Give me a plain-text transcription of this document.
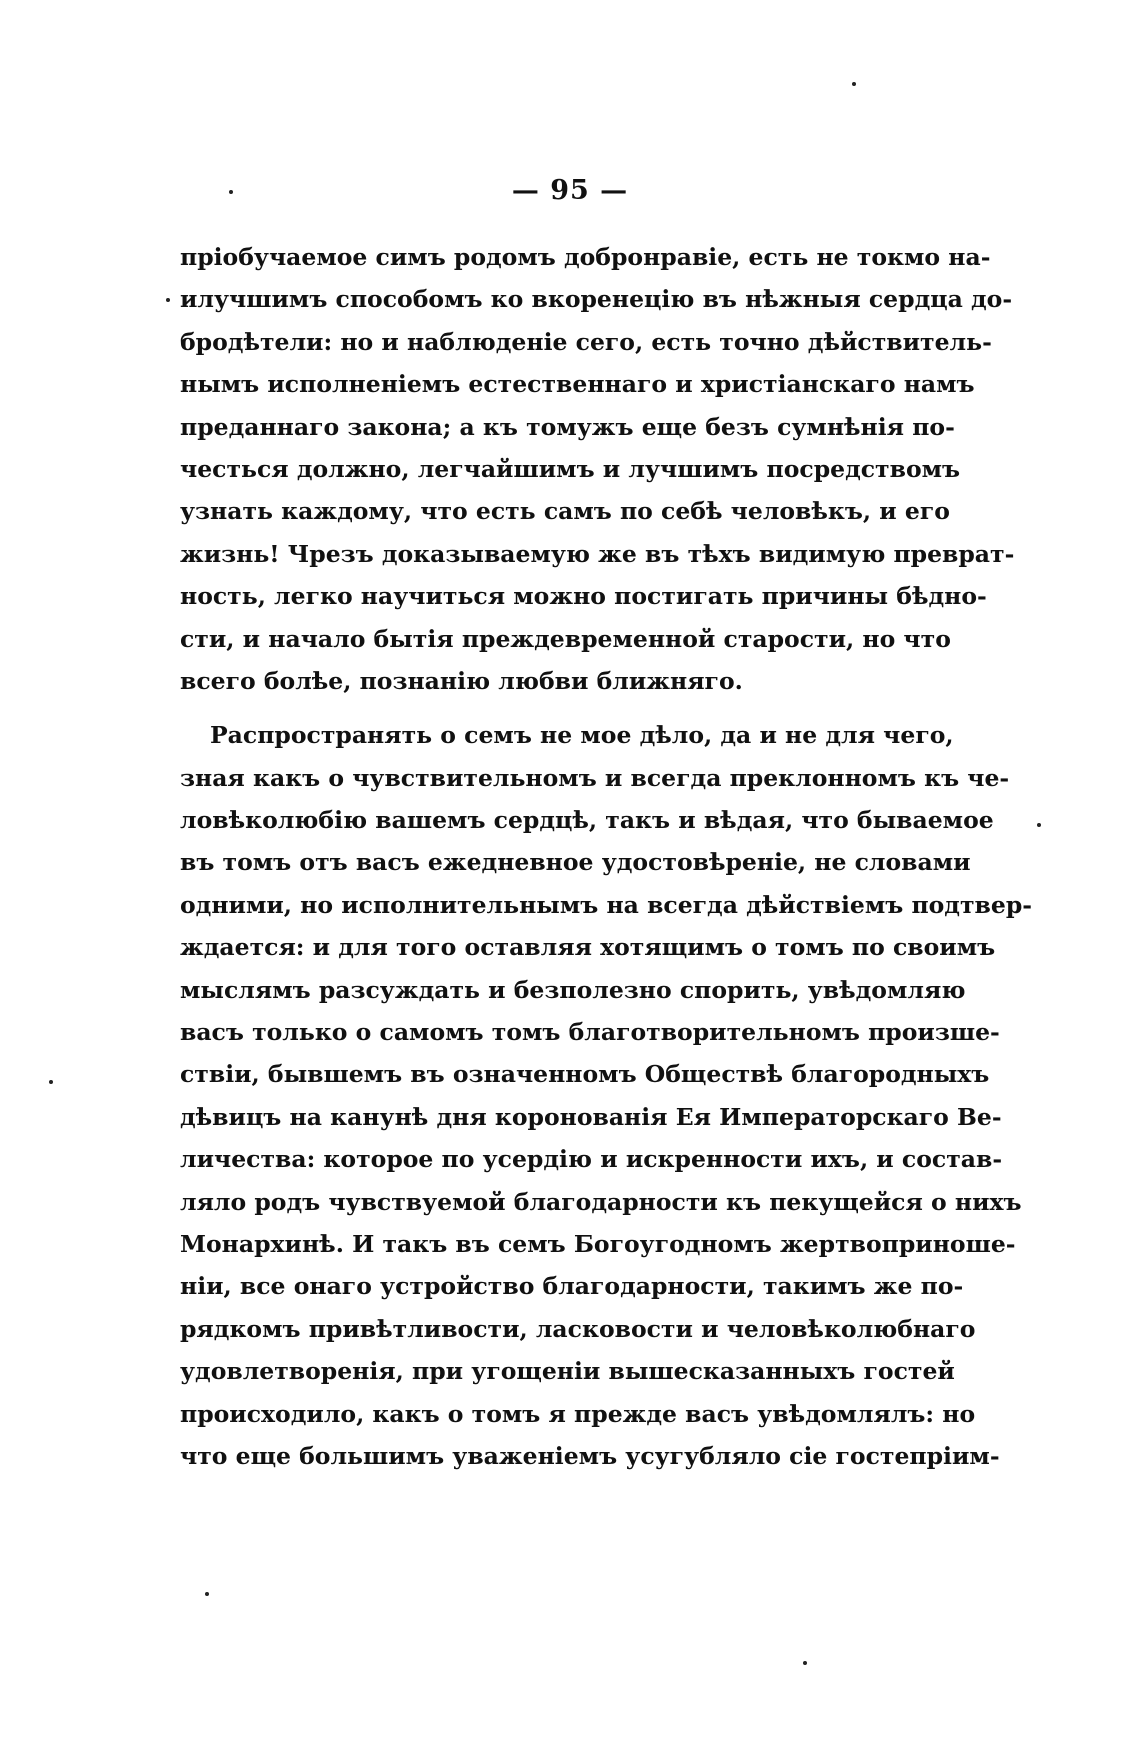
— 95 —
пріобучаемое симъ родомъ добронравіе, есть не токмо на-
илучшимъ способомъ ко вкоренецію въ нѣжныя сердца до-
бродѣтели: но и наблюденіе сего, есть точно дѣйствитель-
нымъ исполненіемъ естественнаго и христіанскаго намъ
преданнаго закона; а къ томужъ еще безъ сумнѣнія по-
честься должно, легчайшимъ и лучшимъ посредствомъ
узнать каждому, что есть самъ по себѣ человѣкъ, и его
жизнь! Чрезъ доказываемую же въ тѣхъ видимую преврат-
ность, легко научиться можно постигать причины бѣдно-
сти, и начало бытія преждевременной старости, но что
всего болѣе, познанію любви ближняго.
Распространять о семъ не мое дѣло, да и не для чего,
зная какъ о чувствительномъ и всегда преклонномъ къ че-
ловѣколюбію вашемъ сердцѣ, такъ и вѣдая, что бываемое
въ томъ отъ васъ ежедневное удостовѣреніе, не словами
одними, но исполнительнымъ на всегда дѣйствіемъ подтвер-
ждается: и для того оставляя хотящимъ о томъ по своимъ
мыслямъ разсуждать и безполезно спорить, увѣдомляю
васъ только о самомъ томъ благотворительномъ произше-
ствіи, бывшемъ въ означенномъ Обществѣ благородныхъ
дѣвицъ на канунѣ дня коронованія Ея Императорскаго Ве-
личества: которое по усердію и искренности ихъ, и состав-
ляло родъ чувствуемой благодарности къ пекущейся о нихъ
Монархинѣ. И такъ въ семъ Богоугодномъ жертвоприноше-
ніи, все онаго устройство благодарности, такимъ же по-
рядкомъ привѣтливости, ласковости и человѣколюбнаго
удовлетворенія, при угощеніи вышесказанныхъ гостей
происходило, какъ о томъ я прежде васъ увѣдомлялъ: но
что еще большимъ уваженіемъ усугубляло сіе гостепріим-
